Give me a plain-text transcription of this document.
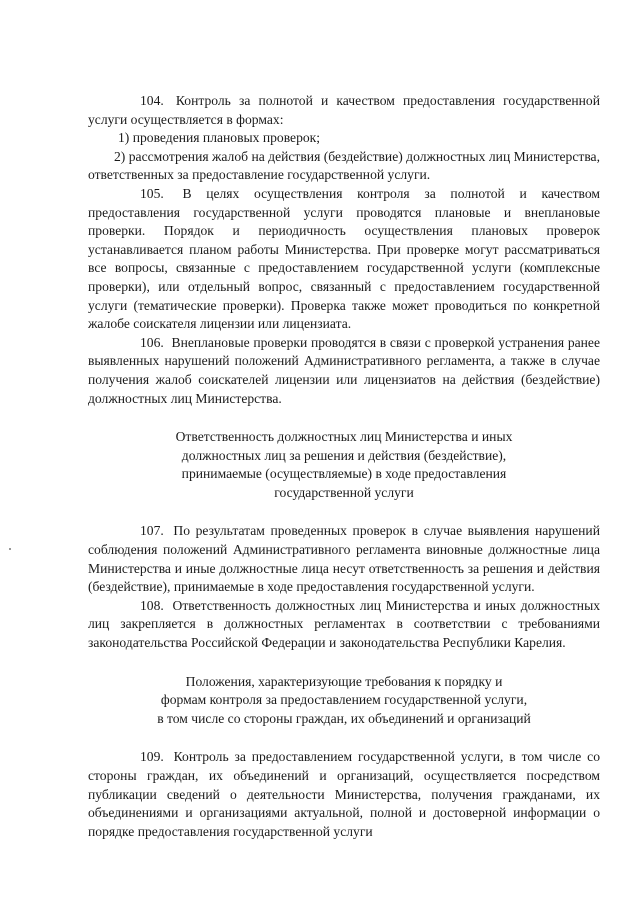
104. Контроль за полнотой и качеством предоставления государственной услуги осуществляется в формах:

1) проведения плановых проверок;

2) рассмотрения жалоб на действия (бездействие) должностных лиц Министерства, ответственных за предоставление государственной услуги.

105. В целях осуществления контроля за полнотой и качеством предоставления государственной услуги проводятся плановые и внеплановые проверки. Порядок и периодичность осуществления плановых проверок устанавливается планом работы Министерства. При проверке могут рассматриваться все вопросы, связанные с предоставлением государственной услуги (комплексные проверки), или отдельный вопрос, связанный с предоставлением государственной услуги (тематические проверки). Проверка также может проводиться по конкретной жалобе соискателя лицензии или лицензиата.

106. Внеплановые проверки проводятся в связи с проверкой устранения ранее выявленных нарушений положений Административного регламента, а также в случае получения жалоб соискателей лицензии или лицензиатов на действия (бездействие) должностных лиц Министерства.

Ответственность должностных лиц Министерства и иных
должностных лиц за решения и действия (бездействие),
принимаемые (осуществляемые) в ходе предоставления
государственной услуги

107. По результатам проведенных проверок в случае выявления нарушений соблюдения положений Административного регламента виновные должностные лица Министерства и иные должностные лица несут ответственность за решения и действия (бездействие), принимаемые в ходе предоставления государственной услуги.

108. Ответственность должностных лиц Министерства и иных должностных лиц закрепляется в должностных регламентах в соответствии с требованиями законодательства Российской Федерации и законодательства Республики Карелия.

Положения, характеризующие требования к порядку и
формам контроля за предоставлением государственной услуги,
в том числе со стороны граждан, их объединений и организаций

109. Контроль за предоставлением государственной услуги, в том числе со стороны граждан, их объединений и организаций, осуществляется посредством публикации сведений о деятельности Министерства, получения гражданами, их объединениями и организациями актуальной, полной и достоверной информации о порядке предоставления государственной услуги
